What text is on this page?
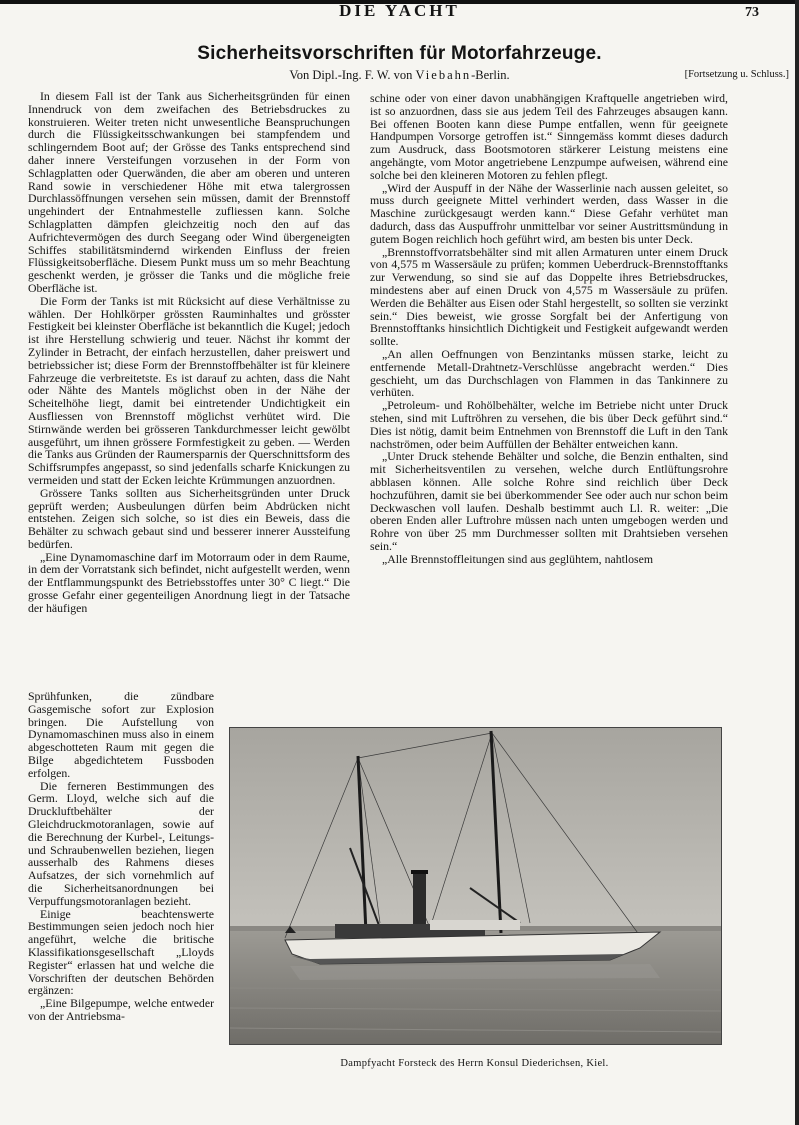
DIE YACHT	73
Sicherheitsvorschriften für Motorfahrzeuge.
Von Dipl.-Ing. F. W. von Viebahn-Berlin.	[Fortsetzung u. Schluss.]

In diesem Fall ist der Tank aus Sicherheitsgründen für einen Innendruck von dem zweifachen des Betriebsdruckes zu konstruieren. Weiter treten nicht unwesentliche Beanspruchungen durch die Flüssigkeitsschwankungen bei stampfendem und schlingerndem Boot auf; der Grösse des Tanks entsprechend sind daher innere Versteifungen vorzusehen in der Form von Schlagplatten oder Querwänden, die aber am oberen und unteren Rand sowie in verschiedener Höhe mit etwa talergrossen Durchlassöffnungen versehen sein müssen, damit der Brennstoff ungehindert der Entnahmestelle zufliessen kann. Solche Schlagplatten dämpfen gleichzeitig noch den auf das Aufrichtevermögen des durch Seegang oder Wind übergeneigten Schiffes stabilitätsmindernd wirkenden Einfluss der freien Flüssigkeitsoberfläche. Diesem Punkt muss um so mehr Beachtung geschenkt werden, je grösser die Tanks und die mögliche freie Oberfläche ist.

Die Form der Tanks ist mit Rücksicht auf diese Verhältnisse zu wählen. Der Hohlkörper grössten Rauminhaltes und grösster Festigkeit bei kleinster Oberfläche ist bekanntlich die Kugel; jedoch ist ihre Herstellung schwierig und teuer. Nächst ihr kommt der Zylinder in Betracht, der einfach herzustellen, daher preiswert und betriebssicher ist; diese Form der Brennstoffbehälter ist für kleinere Fahrzeuge die verbreitetste. Es ist darauf zu achten, dass die Naht oder Nähte des Mantels möglichst oben in der Nähe der Scheitelhöhe liegt, damit bei eintretender Undichtigkeit ein Ausfliessen von Brennstoff möglichst verhütet wird. Die Stirnwände werden bei grösseren Tankdurchmesser leicht gewölbt ausgeführt, um ihnen grössere Formfestigkeit zu geben. — Werden die Tanks aus Gründen der Raumersparnis der Querschnittsform des Schiffsrumpfes angepasst, so sind jedenfalls scharfe Knickungen zu vermeiden und statt der Ecken leichte Krümmungen anzuordnen.

Grössere Tanks sollten aus Sicherheitsgründen unter Druck geprüft werden; Ausbeulungen dürfen beim Abdrücken nicht entstehen. Zeigen sich solche, so ist dies ein Beweis, dass die Behälter zu schwach gebaut sind und besserer innerer Aussteifung bedürfen.

„Eine Dynamomaschine darf im Motorraum oder in dem Raume, in dem der Vorratstank sich befindet, nicht aufgestellt werden, wenn der Entflammungspunkt des Betriebsstoffes unter 30° C liegt.“ Die grosse Gefahr einer gegenteiligen Anordnung liegt in der Tatsache der häufigen

Sprühfunken, die zündbare Gasgemische sofort zur Explosion bringen. Die Aufstellung von Dynamomaschinen muss also in einem abgeschotteten Raum mit gegen die Bilge abgedichtetem Fussboden erfolgen.

Die ferneren Bestimmungen des Germ. Lloyd, welche sich auf die Druckluftbehälter der Gleichdruckmotoranlagen, sowie auf die Berechnung der Kurbel-, Leitungs- und Schraubenwellen beziehen, liegen ausserhalb des Rahmens dieses Aufsatzes, der sich vornehmlich auf die Sicherheitsanordnungen bei Verpuffungsmotoranlagen bezieht.

Einige beachtenswerte Bestimmungen seien jedoch noch hier angeführt, welche die britische Klassifikationsgesellschaft „Lloyds Register“ erlassen hat und welche die Vorschriften der deutschen Behörden ergänzen:

„Eine Bilgepumpe, welche entweder von der Antriebsma-

schine oder von einer davon unabhängigen Kraftquelle angetrieben wird, ist so anzuordnen, dass sie aus jedem Teil des Fahrzeuges absaugen kann. Bei offenen Booten kann diese Pumpe entfallen, wenn für geeignete Handpumpen Vorsorge getroffen ist.“ Sinngemäss kommt dieses dadurch zum Ausdruck, dass Bootsmotoren stärkerer Leistung meistens eine angehängte, vom Motor angetriebene Lenzpumpe aufweisen, während eine solche bei den kleineren Motoren zu fehlen pflegt.

„Wird der Auspuff in der Nähe der Wasserlinie nach aussen geleitet, so muss durch geeignete Mittel verhindert werden, dass Wasser in die Maschine zurückgesaugt werden kann.“ Diese Gefahr verhütet man dadurch, dass das Auspuffrohr unmittelbar vor seiner Austrittsmündung in gutem Bogen reichlich hoch geführt wird, am besten bis unter Deck.

„Brennstoffvorratsbehälter sind mit allen Armaturen unter einem Druck von 4,575 m Wassersäule zu prüfen; kommen Ueberdruck-Brennstofftanks zur Verwendung, so sind sie auf das Doppelte ihres Betriebsdruckes, mindestens aber auf einen Druck von 4,575 m Wassersäule zu prüfen. Werden die Behälter aus Eisen oder Stahl hergestellt, so sollten sie verzinkt sein.“ Dies beweist, wie grosse Sorgfalt bei der Anfertigung von Brennstofftanks hinsichtlich Dichtigkeit und Festigkeit aufgewandt werden sollte.

„An allen Oeffnungen von Benzintanks müssen starke, leicht zu entfernende Metall-Drahtnetz-Verschlüsse angebracht werden.“ Dies geschieht, um das Durchschlagen von Flammen in das Tankinnere zu verhüten.

„Petroleum- und Rohölbehälter, welche im Betriebe nicht unter Druck stehen, sind mit Luftröhren zu versehen, die bis über Deck geführt sind.“ Dies ist nötig, damit beim Entnehmen von Brennstoff die Luft in den Tank nachströmen, oder beim Auffüllen der Behälter entweichen kann.

„Unter Druck stehende Behälter und solche, die Benzin enthalten, sind mit Sicherheitsventilen zu versehen, welche durch Entlüftungsrohre abblasen können. Alle solche Rohre sind reichlich über Deck hochzuführen, damit sie bei überkommender See oder auch nur schon beim Deckwaschen voll laufen. Deshalb bestimmt auch Ll. R. weiter: „Die oberen Enden aller Luftrohre müssen nach unten umgebogen werden und Rohre von über 25 mm Durchmesser sollten mit Drahtsieben versehen sein.“

„Alle Brennstoffleitungen sind aus geglühtem, nahtlosem

Dampfyacht Forsteck des Herrn Konsul Diederichsen, Kiel.
